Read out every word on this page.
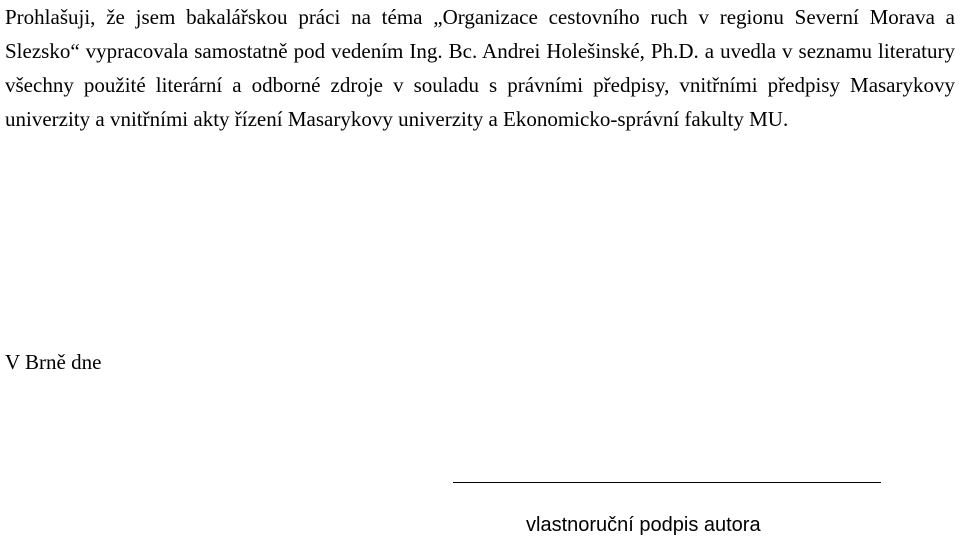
Prohlašuji, že jsem bakalářskou práci na téma „Organizace cestovního ruch v regionu Severní Morava a Slezsko“ vypracovala samostatně pod vedením Ing. Bc. Andrei Holešinské, Ph.D. a uvedla v seznamu literatury všechny použité literární a odborné zdroje v souladu s právními předpisy, vnitřními předpisy Masarykovy univerzity a vnitřními akty řízení Masarykovy univerzity a Ekonomicko-správní fakulty MU.

V Brně dne

vlastnoruční podpis autora
